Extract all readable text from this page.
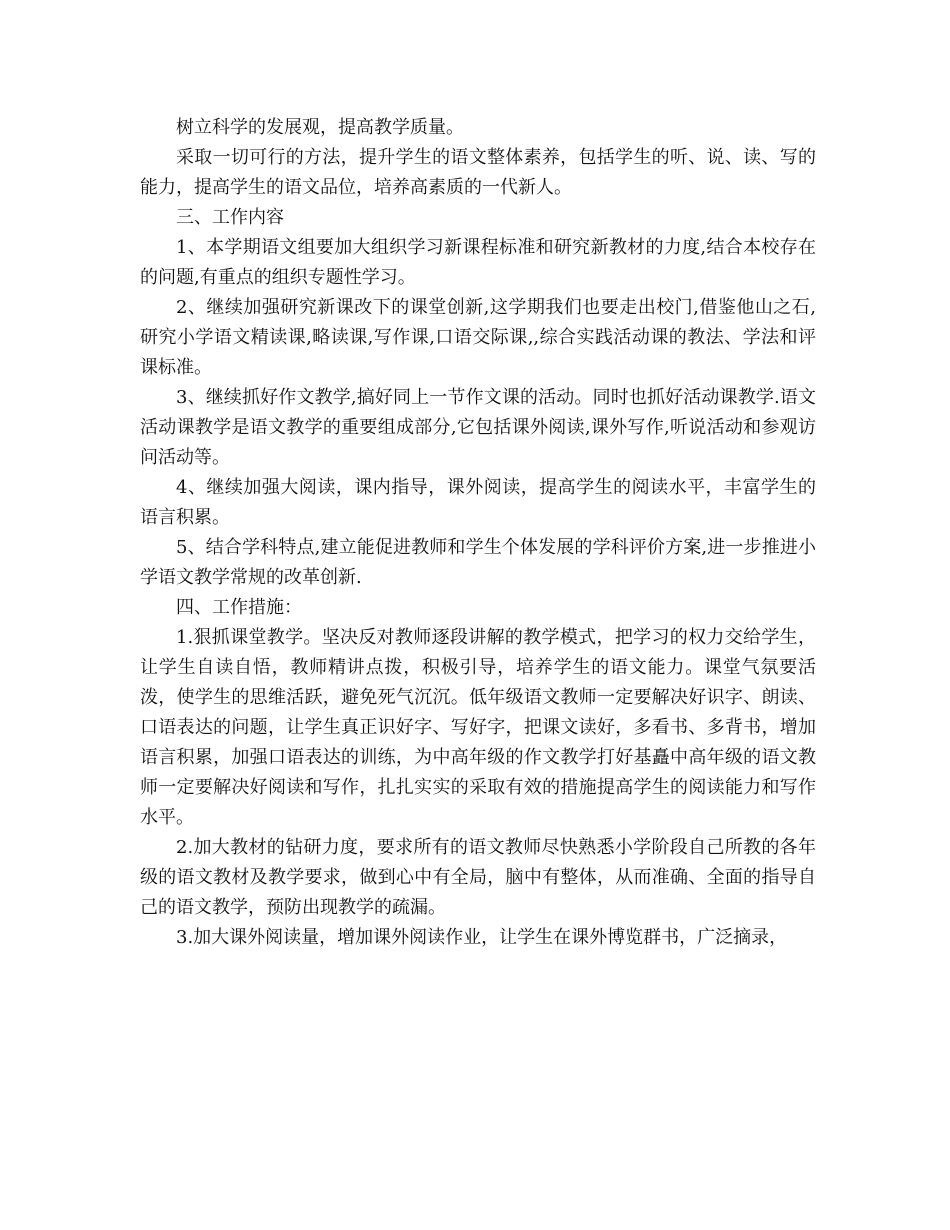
树立科学的发展观，提高教学质量。

采取一切可行的方法，提升学生的语文整体素养，包括学生的听、说、读、写的能力，提高学生的语文品位，培养高素质的一代新人。

三、工作内容

1、本学期语文组要加大组织学习新课程标准和研究新教材的力度,结合本校存在的问题,有重点的组织专题性学习。

2、继续加强研究新课改下的课堂创新,这学期我们也要走出校门,借鉴他山之石,研究小学语文精读课,略读课,写作课,口语交际课,,综合实践活动课的教法、学法和评课标准。

3、继续抓好作文教学,搞好同上一节作文课的活动。同时也抓好活动课教学.语文活动课教学是语文教学的重要组成部分,它包括课外阅读,课外写作,听说活动和参观访问活动等。

4、继续加强大阅读，课内指导，课外阅读，提高学生的阅读水平，丰富学生的语言积累。

5、结合学科特点,建立能促进教师和学生个体发展的学科评价方案,进一步推进小学语文教学常规的改革创新.

四、工作措施：

1.狠抓课堂教学。坚决反对教师逐段讲解的教学模式，把学习的权力交给学生，让学生自读自悟，教师精讲点拨，积极引导，培养学生的语文能力。课堂气氛要活泼，使学生的思维活跃，避免死气沉沉。低年级语文教师一定要解决好识字、朗读、口语表达的问题，让学生真正识好字、写好字，把课文读好，多看书、多背书，增加语言积累，加强口语表达的训练，为中高年级的作文教学打好基矗中高年级的语文教师一定要解决好阅读和写作，扎扎实实的采取有效的措施提高学生的阅读能力和写作水平。

2.加大教材的钻研力度，要求所有的语文教师尽快熟悉小学阶段自己所教的各年级的语文教材及教学要求，做到心中有全局，脑中有整体，从而准确、全面的指导自己的语文教学，预防出现教学的疏漏。

3.加大课外阅读量，增加课外阅读作业，让学生在课外博览群书，广泛摘录，
